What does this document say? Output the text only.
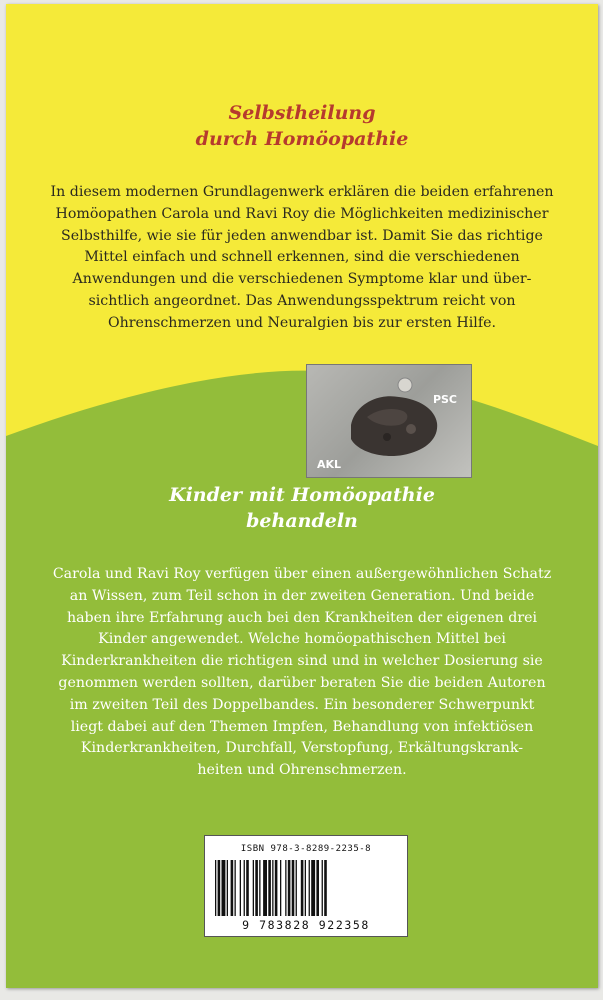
Selbstheilung
durch Homöopathie

In diesem modernen Grundlagenwerk erklären die beiden erfahrenen
Homöopathen Carola und Ravi Roy die Möglichkeiten medizinischer
Selbsthilfe, wie sie für jeden anwendbar ist. Damit Sie das richtige
Mittel einfach und schnell erkennen, sind die verschiedenen
Anwendungen und die verschiedenen Symptome klar und über-
sichtlich angeordnet. Das Anwendungsspektrum reicht von
Ohrenschmerzen und Neuralgien bis zur ersten Hilfe.

PSC
AKL
Kinder mit Homöopathie
behandeln

Carola und Ravi Roy verfügen über einen außergewöhnlichen Schatz
an Wissen, zum Teil schon in der zweiten Generation. Und beide
haben ihre Erfahrung auch bei den Krankheiten der eigenen drei
Kinder angewendet. Welche homöopathischen Mittel bei
Kinderkrankheiten die richtigen sind und in welcher Dosierung sie
genommen werden sollten, darüber beraten Sie die beiden Autoren
im zweiten Teil des Doppelbandes. Ein besonderer Schwerpunkt
liegt dabei auf den Themen Impfen, Behandlung von infektiösen
Kinderkrankheiten, Durchfall, Verstopfung, Erkältungskrank-
heiten und Ohrenschmerzen.

ISBN 978-3-8289-2235-8
9 783828 922358
